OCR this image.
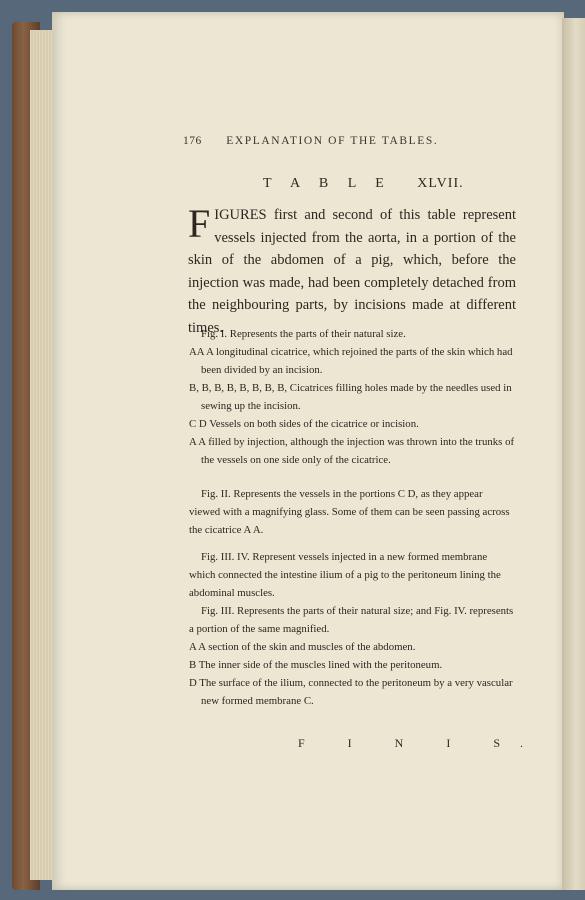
176 EXPLANATION OF THE TABLES.
T A B L E XLVII.
F IGURES first and second of this table represent vessels injected from the aorta, in a portion of the skin of the abdomen of a pig, which, before the injection was made, had been completely detached from the neighbouring parts, by incisions made at different times.

Fig. I. Represents the parts of their natural size.

AA A longitudinal cicatrice, which rejoined the parts of the skin which had been divided by an incision.

B, B, B, B, B, B, B, B, Cicatrices filling holes made by the needles used in sewing up the incision.

C D Vessels on both sides of the cicatrice or incision.

A A filled by injection, although the injection was thrown into the trunks of the vessels on one side only of the cicatrice.

Fig. II. Represents the vessels in the portions C D, as they appear viewed with a magnifying glass. Some of them can be seen passing across the cicatrice A A.

Fig. III. IV. Represent vessels injected in a new formed membrane which connected the intestine ilium of a pig to the peritoneum lining the abdominal muscles.

Fig. III. Represents the parts of their natural size; and Fig. IV. represents a portion of the same magnified.

A A section of the skin and muscles of the abdomen.

B The inner side of the muscles lined with the peritoneum.

D The surface of the ilium, connected to the peritoneum by a very vascular new formed membrane C.

F I N I S.
